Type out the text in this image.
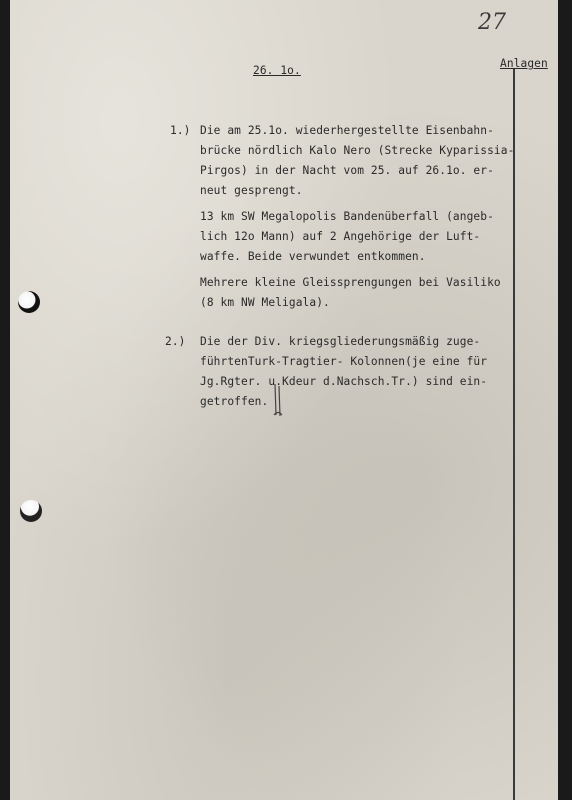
27
26. 1o.
Anlagen
1.) Die am 25.1o. wiederhergestellte Eisenbahn-
brücke nördlich Kalo Nero (Strecke Kyparissia-
Pirgos) in der Nacht vom 25. auf 26.1o. er-
neut gesprengt.
13 km SW Megalopolis Bandenüberfall (angeb-
lich 12o Mann) auf 2 Angehörige der Luft-
waffe. Beide verwundet entkommen.
Mehrere kleine Gleissprengungen bei Vasiliko
(8 km NW Meligala).
2.) Die der Div. kriegsgliederungsmäßig zuge-
führtenTurk-Tragtier- Kolonnen(je eine für
Jg.Rgter. u.Kdeur d.Nachsch.Tr.) sind ein-
getroffen.
